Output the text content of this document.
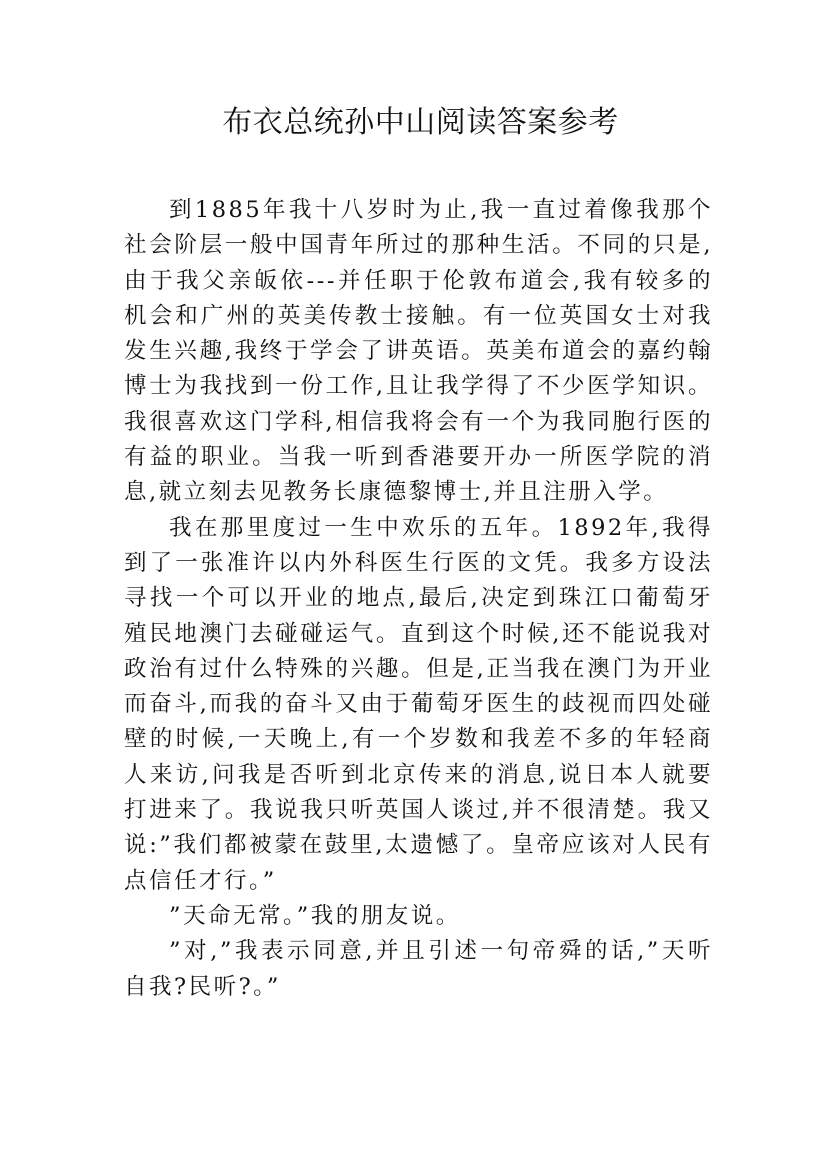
布衣总统孙中山阅读答案参考

到1885年我十八岁时为止,我一直过着像我那个社会阶层一般中国青年所过的那种生活。不同的只是,由于我父亲皈依---并任职于伦敦布道会,我有较多的机会和广州的英美传教士接触。有一位英国女士对我发生兴趣,我终于学会了讲英语。英美布道会的嘉约翰博士为我找到一份工作,且让我学得了不少医学知识。我很喜欢这门学科,相信我将会有一个为我同胞行医的有益的职业。当我一听到香港要开办一所医学院的消息,就立刻去见教务长康德黎博士,并且注册入学。

我在那里度过一生中欢乐的五年。1892年,我得到了一张准许以内外科医生行医的文凭。我多方设法寻找一个可以开业的地点,最后,决定到珠江口葡萄牙殖民地澳门去碰碰运气。直到这个时候,还不能说我对政治有过什么特殊的兴趣。但是,正当我在澳门为开业而奋斗,而我的奋斗又由于葡萄牙医生的歧视而四处碰壁的时候,一天晚上,有一个岁数和我差不多的年轻商人来访,问我是否听到北京传来的消息,说日本人就要打进来了。我说我只听英国人谈过,并不很清楚。我又说:”我们都被蒙在鼓里,太遗憾了。皇帝应该对人民有点信任才行。”

”天命无常。”我的朋友说。

”对,”我表示同意,并且引述一句帝舜的话,”天听自我?民听?。”
